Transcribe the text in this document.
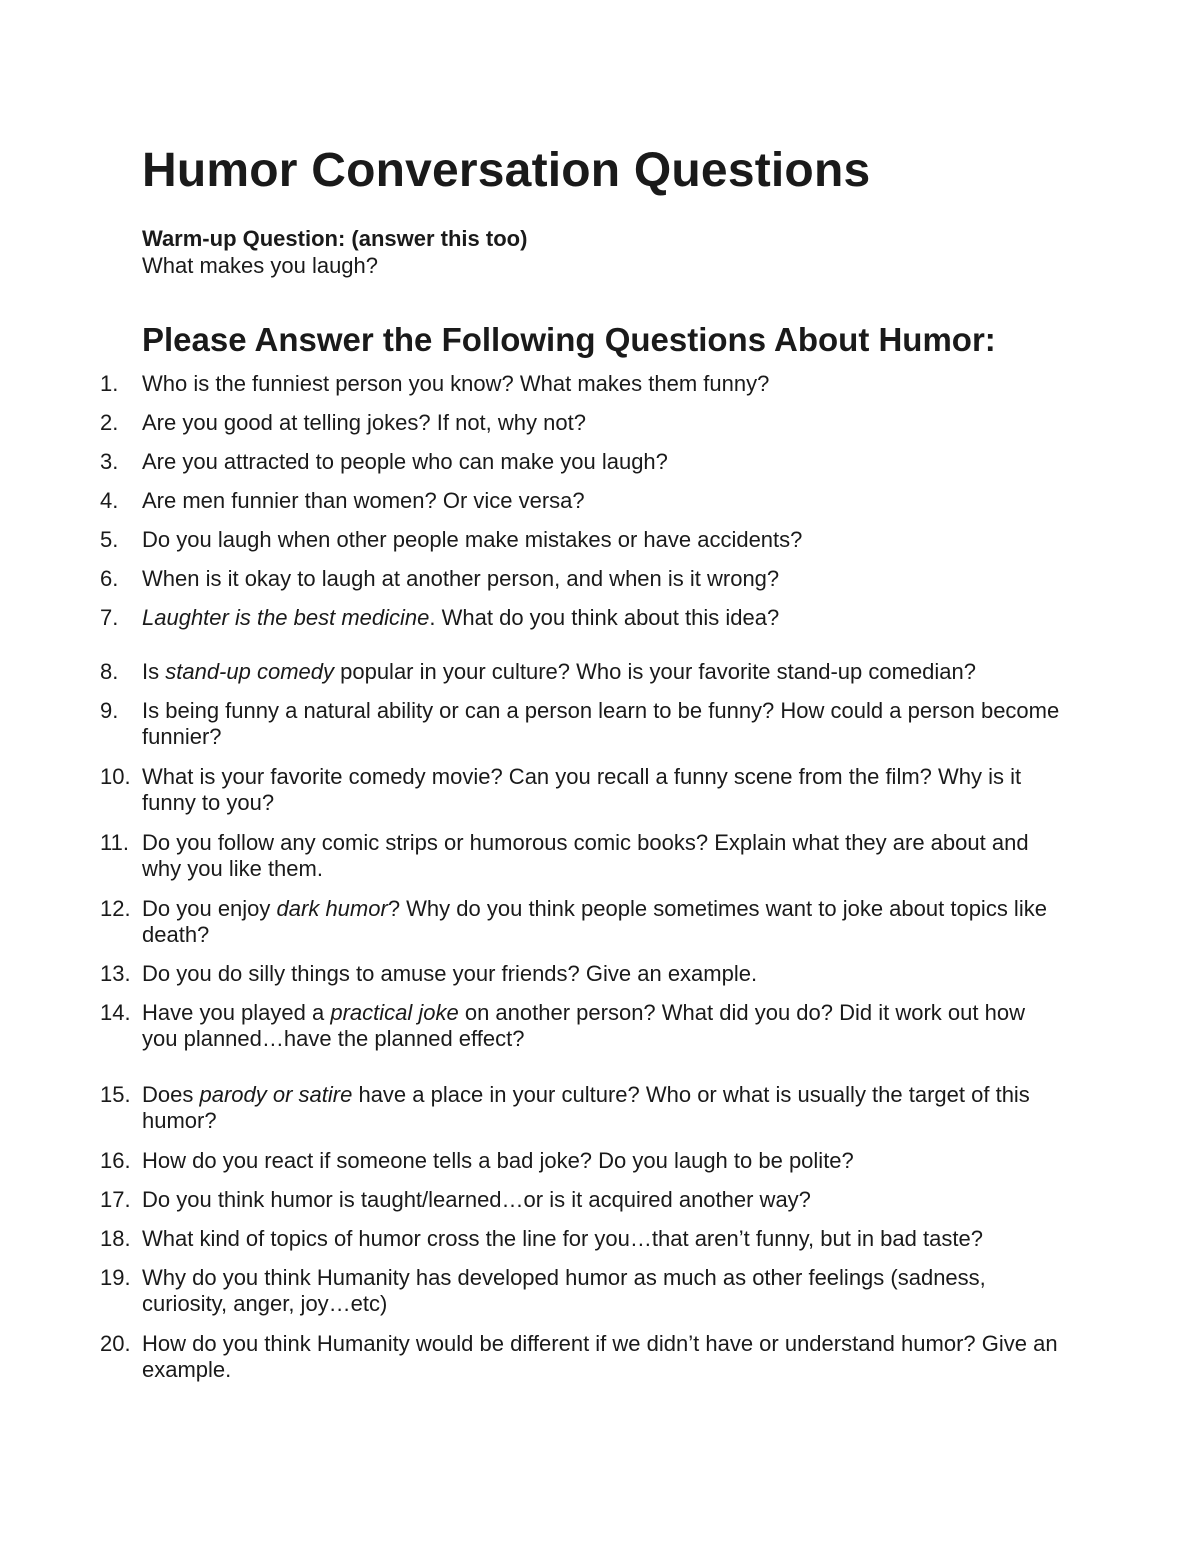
Humor Conversation Questions
Warm-up Question: (answer this too)
What makes you laugh?
Please Answer the Following Questions About Humor:
1.	Who is the funniest person you know? What makes them funny?
2.	Are you good at telling jokes? If not, why not?
3.	Are you attracted to people who can make you laugh?
4.	Are men funnier than women? Or vice versa?
5.	Do you laugh when other people make mistakes or have accidents?
6.	When is it okay to laugh at another person, and when is it wrong?
7.	Laughter is the best medicine. What do you think about this idea?
8.	Is stand-up comedy popular in your culture? Who is your favorite stand-up comedian?
9.	Is being funny a natural ability or can a person learn to be funny? How could a person become funnier?
10. What is your favorite comedy movie? Can you recall a funny scene from the film? Why is it funny to you?
11. Do you follow any comic strips or humorous comic books? Explain what they are about and why you like them.
12. Do you enjoy dark humor? Why do you think people sometimes want to joke about topics like death?
13. Do you do silly things to amuse your friends? Give an example.
14. Have you played a practical joke on another person? What did you do? Did it work out how you planned…have the planned effect?
15. Does parody or satire have a place in your culture? Who or what is usually the target of this humor?
16. How do you react if someone tells a bad joke? Do you laugh to be polite?
17. Do you think humor is taught/learned…or is it acquired another way?
18. What kind of topics of humor cross the line for you…that aren’t funny, but in bad taste?
19. Why do you think Humanity has developed humor as much as other feelings (sadness, curiosity, anger, joy…etc)
20. How do you think Humanity would be different if we didn’t have or understand humor? Give an example.
